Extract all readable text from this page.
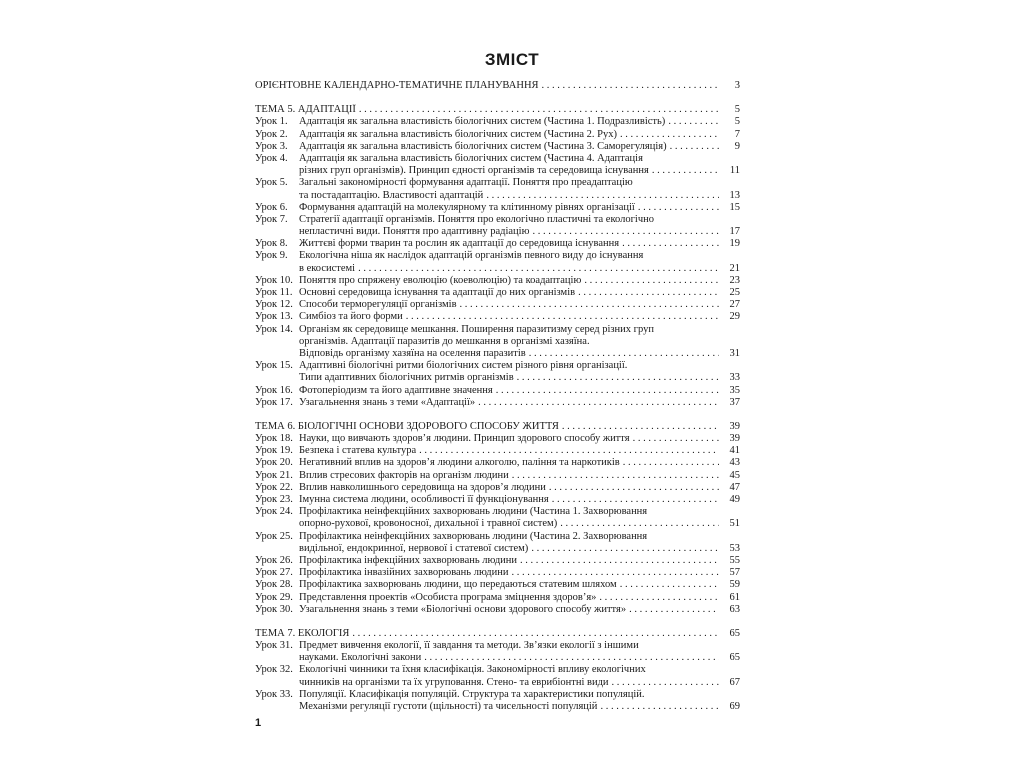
ЗМІСТ
ОРІЄНТОВНЕ КАЛЕНДАРНО-ТЕМАТИЧНЕ ПЛАНУВАННЯ . . .	3
ТЕМА 5. АДАПТАЦІЇ . . .	5
Урок 1.	Адаптація як загальна властивість біологічних систем (Частина 1. Подразливість) . . .	5
Урок 2.	Адаптація як загальна властивість біологічних систем (Частина 2. Рух) . . .	7
Урок 3.	Адаптація як загальна властивість біологічних систем (Частина 3. Саморегуляція) . . .	9
Урок 4.	Адаптація як загальна властивість біологічних систем (Частина 4. Адаптація
різних груп організмів). Принцип єдності організмів та середовища існування . . .	11
Урок 5.	Загальні закономірності формування адаптації. Поняття про преадаптацію
та постадаптацію. Властивості адаптацій . . .	13
Урок 6.	Формування адаптацій на молекулярному та клітинному рівнях організації . . .	15
Урок 7.	Стратегії адаптації організмів. Поняття про екологічно пластичні та екологічно
непластичні види. Поняття про адаптивну радіацію . . .	17
Урок 8.	Життєві форми тварин та рослин як адаптації до середовища існування . . .	19
Урок 9.	Екологічна ніша як наслідок адаптацій організмів певного виду до існування
в екосистемі . . .	21
Урок 10. Поняття про спряжену еволюцію (коеволюцію) та коадаптацію . . .	23
Урок 11. Основні середовища існування та адаптації до них організмів . . .	25
Урок 12. Способи терморегуляції організмів . . .	27
Урок 13. Симбіоз та його форми . . .	29
Урок 14. Організм як середовище мешкання. Поширення паразитизму серед різних груп
організмів. Адаптації паразитів до мешкання в організмі хазяїна.
Відповідь організму хазяїна на оселення паразитів . . .	31
Урок 15. Адаптивні біологічні ритми біологічних систем різного рівня організації.
Типи адаптивних біологічних ритмів організмів . . .	33
Урок 16. Фотоперіодизм та його адаптивне значення . . .	35
Урок 17. Узагальнення знань з теми «Адаптації» . . .	37
ТЕМА 6. БІОЛОГІЧНІ ОСНОВИ ЗДОРОВОГО СПОСОБУ ЖИТТЯ . . .	39
Урок 18. Науки, що вивчають здоров’я людини. Принцип здорового способу життя . . .	39
Урок 19. Безпека і статева культура . . .	41
Урок 20. Негативний вплив на здоров’я людини алкоголю, паління та наркотиків . . .	43
Урок 21. Вплив стресових факторів на організм людини . . .	45
Урок 22. Вплив навколишнього середовища на здоров’я людини . . .	47
Урок 23. Імунна система людини, особливості її функціонування . . .	49
Урок 24. Профілактика неінфекційних захворювань людини (Частина 1. Захворювання
опорно-рухової, кровоносної, дихальної і травної систем) . . .	51
Урок 25. Профілактика неінфекційних захворювань людини (Частина 2. Захворювання
видільної, ендокринної, нервової і статевої систем) . . .	53
Урок 26. Профілактика інфекційних захворювань людини . . .	55
Урок 27. Профілактика інвазійних захворювань людини . . .	57
Урок 28. Профілактика захворювань людини, що передаються статевим шляхом . . .	59
Урок 29. Представлення проектів «Особиста програма зміцнення здоров’я» . . .	61
Урок 30. Узагальнення знань з теми «Біологічні основи здорового способу життя» . . .	63
ТЕМА 7. ЕКОЛОГІЯ . . .	65
Урок 31. Предмет вивчення екології, її завдання та методи. Зв’язки екології з іншими
науками. Екологічні закони . . .	65
Урок 32. Екологічні чинники та їхня класифікація. Закономірності впливу екологічних
чинників на організми та їх угруповання. Стено- та еврибіонтні види . . .	67
Урок 33. Популяції. Класифікація популяцій. Структура та характеристики популяцій.
Механізми регуляції густоти (щільності) та чисельності популяцій . . .	69
1
